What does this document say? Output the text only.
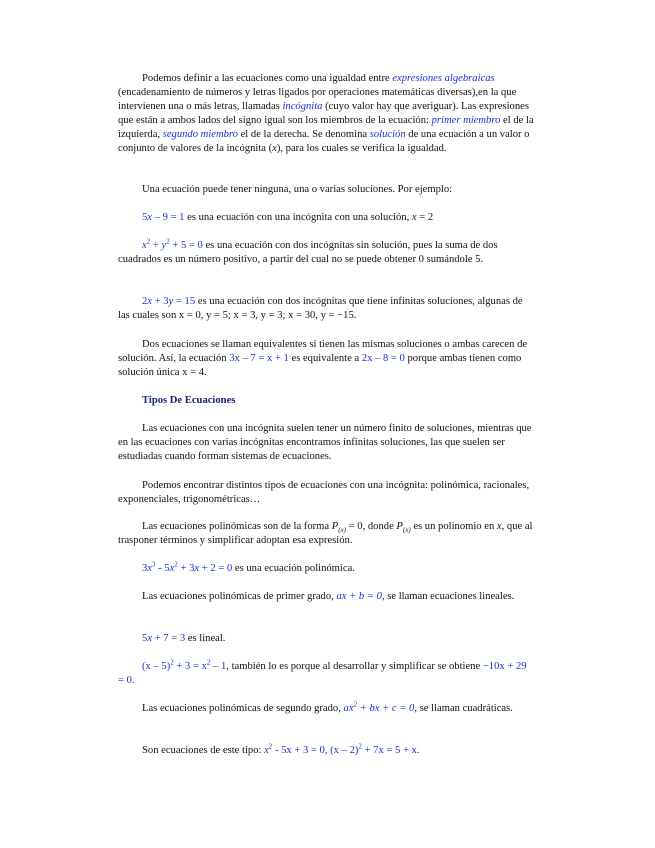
Podemos definir a las ecuaciones como una igualdad entre expresiones algebraicas (encadenamiento de números y letras ligados por operaciones matemáticas diversas),en la que intervienen una o más letras, llamadas incógnita (cuyo valor hay que averiguar). Las expresiones que están a ambos lados del signo igual son los miembros de la ecuación: primer miembro el de la izquierda, segundo miembro el de la derecha. Se denomina solución de una ecuación a un valor o conjunto de valores de la incógnita (x), para los cuales se verifica la igualdad.

Una ecuación puede tener ninguna, una o varias soluciones. Por ejemplo:

5x – 9 = 1 es una ecuación con una incógnita con una solución, x = 2

$x^2 + y^2 + 5 = 0$ es una ecuación con dos incógnitas sin solución, pues la suma de dos cuadrados es un número positivo, a partir del cual no se puede obtener 0 sumándole 5.

2x + 3y = 15 es una ecuación con dos incógnitas que tiene infinitas soluciones, algunas de las cuales son x = 0, y = 5; x = 3, y = 3; x = 30, y = −15.

Dos ecuaciones se llaman equivalentes si tienen las mismas soluciones o ambas carecen de solución. Así, la ecuación 3x – 7 = x + 1 es equivalente a 2x – 8 = 0 porque ambas tienen como solución única x = 4.

Tipos De Ecuaciones

Las ecuaciones con una incógnita suelen tener un número finito de soluciones, mientras que en las ecuaciones con varias incógnitas encontramos infinitas soluciones, las que suelen ser estudiadas cuando forman sistemas de ecuaciones.

Podemos encontrar distintos tipos de ecuaciones con una incógnita: polinómica, racionales, exponenciales, trigonométricas…

Las ecuaciones polinómicas son de la forma $P_{(x)} = 0$, donde $P_{(x)}$ es un polinomio en x, que al trasponer términos y simplificar adoptan esa expresión.

$3x^3 - 5x^2 + 3x + 2 = 0$ es una ecuación polinómica.

Las ecuaciones polinómicas de primer grado, ax + b = 0, se llaman ecuaciones lineales.

5x + 7 = 3 es lineal.

$(x - 5)^2 + 3 = x^2 - 1$, también lo es porque al desarrollar y simplificar se obtiene −10x + 29 = 0.

Las ecuaciones polinómicas de segundo grado, $ax^2$ + bx + c = 0, se llaman cuadráticas.

Son ecuaciones de este tipo: $x^2 - 5x + 3 = 0$, (x – 2)$^2$ + 7x = 5 + x.
